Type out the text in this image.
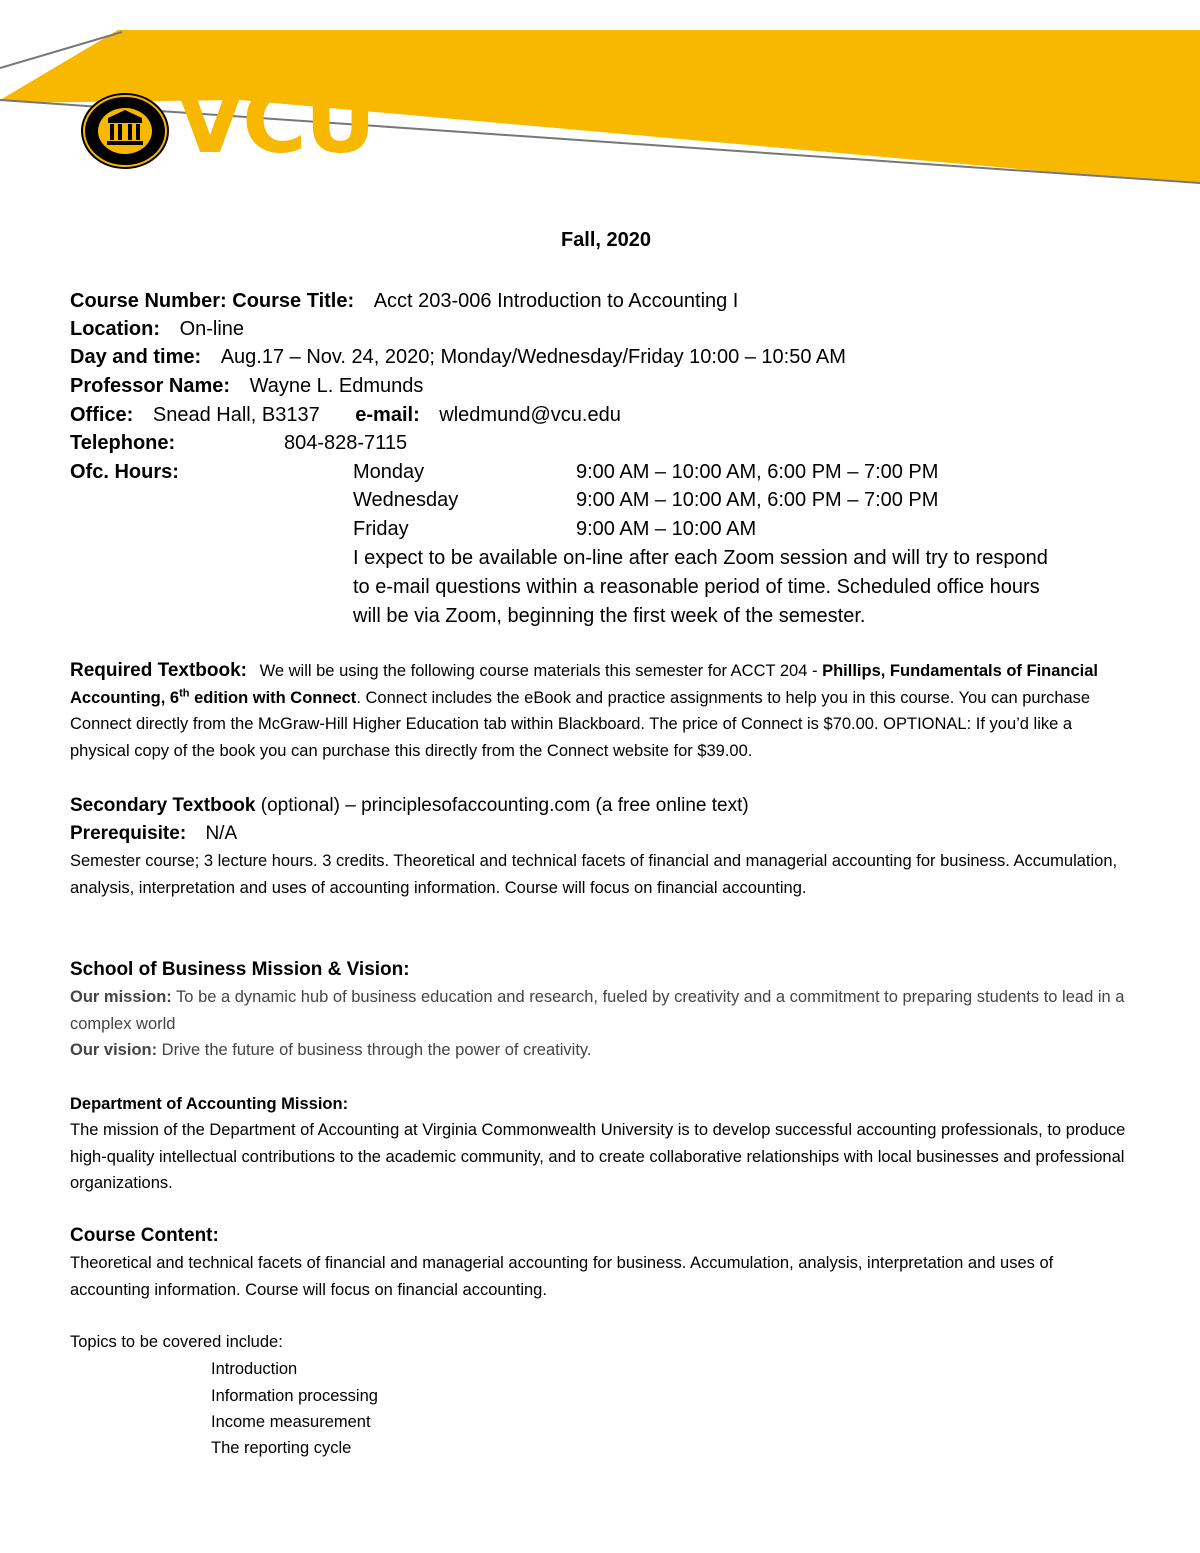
VCU
Fall, 2020
Course Number: Course Title: Acct 203-006 Introduction to Accounting I
Location: On-line
Day and time: Aug.17 – Nov. 24, 2020; Monday/Wednesday/Friday 10:00 – 10:50 AM
Professor Name: Wayne L. Edmunds
Office: Snead Hall, B3137 e-mail: wledmund@vcu.edu
Telephone:	804-828-7115
Ofc. Hours:	Monday	9:00 AM – 10:00 AM, 6:00 PM – 7:00 PM
Wednesday	9:00 AM – 10:00 AM, 6:00 PM – 7:00 PM
Friday	9:00 AM – 10:00 AM
I expect to be available on-line after each Zoom session and will try to respond
to e-mail questions within a reasonable period of time. Scheduled office hours
will be via Zoom, beginning the first week of the semester.
Required Textbook: We will be using the following course materials this semester for ACCT 204 - Phillips, Fundamentals of Financial Accounting, 6th edition with Connect. Connect includes the eBook and practice assignments to help you in this course. You can purchase Connect directly from the McGraw-Hill Higher Education tab within Blackboard. The price of Connect is $70.00. OPTIONAL: If you’d like a physical copy of the book you can purchase this directly from the Connect website for $39.00.
Secondary Textbook (optional) – principlesofaccounting.com (a free online text)
Prerequisite: N/A
Semester course; 3 lecture hours. 3 credits. Theoretical and technical facets of financial and managerial accounting for business. Accumulation, analysis, interpretation and uses of accounting information. Course will focus on financial accounting.
School of Business Mission & Vision:
Our mission: To be a dynamic hub of business education and research, fueled by creativity and a commitment to preparing students to lead in a complex world
Our vision: Drive the future of business through the power of creativity.
Department of Accounting Mission:
The mission of the Department of Accounting at Virginia Commonwealth University is to develop successful accounting professionals, to produce high-quality intellectual contributions to the academic community, and to create collaborative relationships with local businesses and professional organizations.
Course Content:
Theoretical and technical facets of financial and managerial accounting for business. Accumulation, analysis, interpretation and uses of accounting information. Course will focus on financial accounting.
Topics to be covered include:
Introduction
Information processing
Income measurement
The reporting cycle
